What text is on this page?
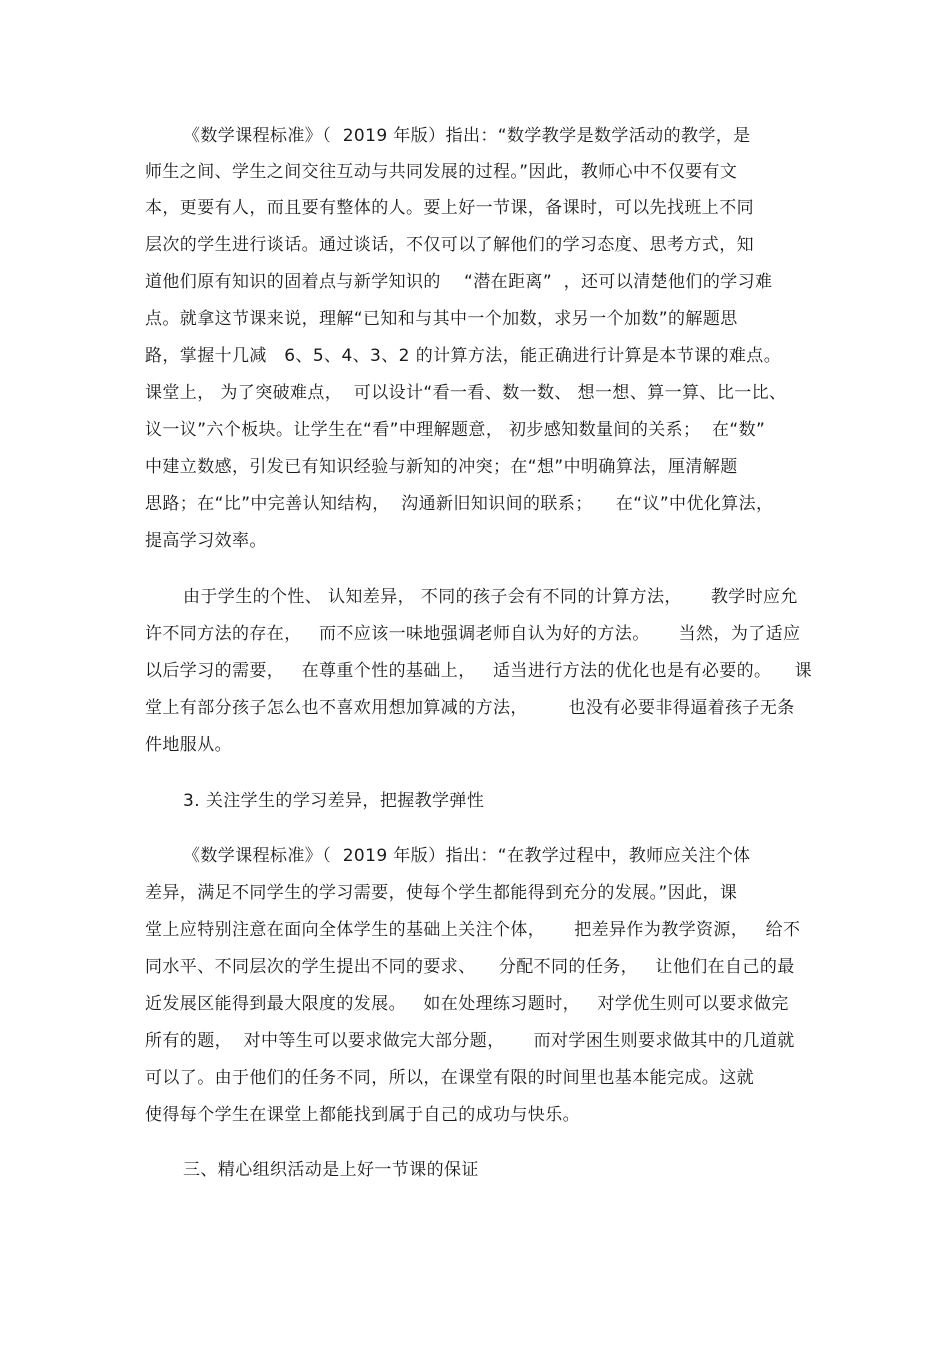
《数学课程标准》（  2019 年版）指出：“数学教学是数学活动的教学，是
师生之间、学生之间交往互动与共同发展的过程。”因此，教师心中不仅要有文
本，更要有人，而且要有整体的人。要上好一节课，备课时，可以先找班上不同
层次的学生进行谈话。通过谈话，不仅可以了解他们的学习态度、思考方式，知
道他们原有知识的固着点与新学知识的    “潜在距离”  ，还可以清楚他们的学习难
点。就拿这节课来说，理解“已知和与其中一个加数，求另一个加数”的解题思
路，掌握十几减   6、5、4、3、2 的计算方法，能正确进行计算是本节课的难点。
课堂上， 为了突破难点，  可以设计“看一看、数一数、 想一想、算一算、比一比、
议一议”六个板块。让学生在“看”中理解题意， 初步感知数量间的关系；  在“数”
中建立数感，引发已有知识经验与新知的冲突；在“想”中明确算法，厘清解题
思路；在“比”中完善认知结构，  沟通新旧知识间的联系；    在“议”中优化算法，
提高学习效率。
由于学生的个性、 认知差异， 不同的孩子会有不同的计算方法，     教学时应允
许不同方法的存在，   而不应该一味地强调老师自认为好的方法。     当然，为了适应
以后学习的需要，   在尊重个性的基础上，   适当进行方法的优化也是有必要的。    课
堂上有部分孩子怎么也不喜欢用想加算减的方法，       也没有必要非得逼着孩子无条
件地服从。
3. 关注学生的学习差异，把握教学弹性
《数学课程标准》（  2019 年版）指出：“在教学过程中，教师应关注个体
差异，满足不同学生的学习需要，使每个学生都能得到充分的发展。”因此，课
堂上应特别注意在面向全体学生的基础上关注个体，     把差异作为教学资源，   给不
同水平、不同层次的学生提出不同的要求、    分配不同的任务，   让他们在自己的最
近发展区能得到最大限度的发展。   如在处理练习题时，   对学优生则可以要求做完
所有的题，  对中等生可以要求做完大部分题，     而对学困生则要求做其中的几道就
可以了。由于他们的任务不同，所以，在课堂有限的时间里也基本能完成。这就
使得每个学生在课堂上都能找到属于自己的成功与快乐。
三、精心组织活动是上好一节课的保证
